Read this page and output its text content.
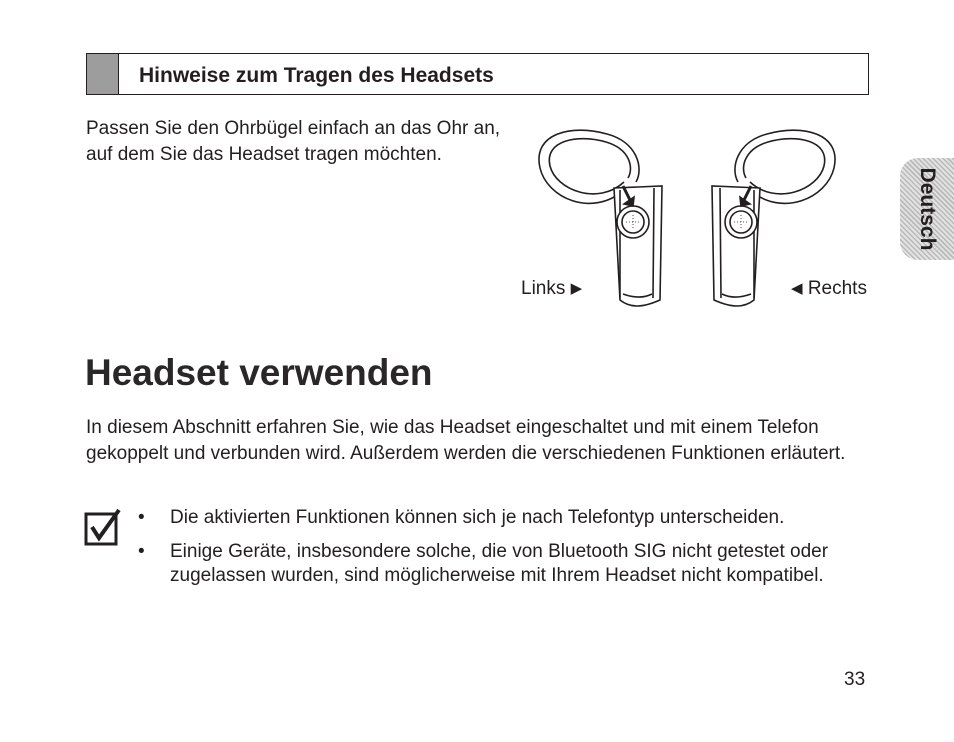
Hinweise zum Tragen des Headsets
Passen Sie den Ohrbügel einfach an das Ohr an, auf dem Sie das Headset tragen möchten.
Links ▶	◀ Rechts
Headset verwenden
In diesem Abschnitt erfahren Sie, wie das Headset eingeschaltet und mit einem Telefon gekoppelt und verbunden wird. Außerdem werden die verschiedenen Funktionen erläutert.
• Die aktivierten Funktionen können sich je nach Telefontyp unterscheiden.
• Einige Geräte, insbesondere solche, die von Bluetooth SIG nicht getestet oder zugelassen wurden, sind möglicherweise mit Ihrem Headset nicht kompatibel.
Deutsch
33
